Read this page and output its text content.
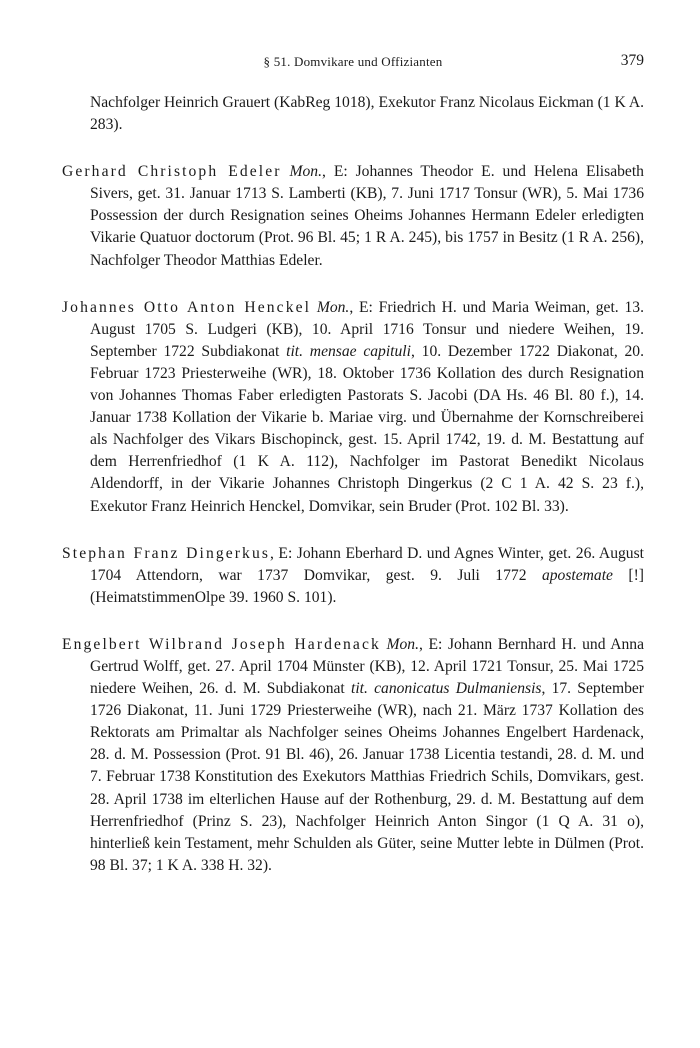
§ 51. Domvikare und Offizianten	379

Nachfolger Heinrich Grauert (KabReg 1018), Exekutor Franz Nicolaus Eickman (1 K A. 283).

Gerhard Christoph Edeler Mon., E: Johannes Theodor E. und Helena Elisabeth Sivers, get. 31. Januar 1713 S. Lamberti (KB), 7. Juni 1717 Tonsur (WR), 5. Mai 1736 Possession der durch Resignation seines Oheims Johannes Hermann Edeler erledigten Vikarie Quatuor doctorum (Prot. 96 Bl. 45; 1 R A. 245), bis 1757 in Besitz (1 R A. 256), Nachfolger Theodor Matthias Edeler.

Johannes Otto Anton Henckel Mon., E: Friedrich H. und Maria Weiman, get. 13. August 1705 S. Ludgeri (KB), 10. April 1716 Tonsur und niedere Weihen, 19. September 1722 Subdiakonat tit. mensae capituli, 10. Dezember 1722 Diakonat, 20. Februar 1723 Priesterweihe (WR), 18. Oktober 1736 Kollation des durch Resignation von Johannes Thomas Faber erledigten Pastorats S. Jacobi (DA Hs. 46 Bl. 80 f.), 14. Januar 1738 Kollation der Vikarie b. Mariae virg. und Übernahme der Kornschreiberei als Nachfolger des Vikars Bischopinck, gest. 15. April 1742, 19. d. M. Bestattung auf dem Herrenfriedhof (1 K A. 112), Nachfolger im Pastorat Benedikt Nicolaus Aldendorff, in der Vikarie Johannes Christoph Dingerkus (2 C 1 A. 42 S. 23 f.), Exekutor Franz Heinrich Henckel, Domvikar, sein Bruder (Prot. 102 Bl. 33).

Stephan Franz Dingerkus, E: Johann Eberhard D. und Agnes Winter, get. 26. August 1704 Attendorn, war 1737 Domvikar, gest. 9. Juli 1772 apostemate [!] (HeimatstimmenOlpe 39. 1960 S. 101).

Engelbert Wilbrand Joseph Hardenack Mon., E: Johann Bernhard H. und Anna Gertrud Wolff, get. 27. April 1704 Münster (KB), 12. April 1721 Tonsur, 25. Mai 1725 niedere Weihen, 26. d. M. Subdiakonat tit. canonicatus Dulmaniensis, 17. September 1726 Diakonat, 11. Juni 1729 Priesterweihe (WR), nach 21. März 1737 Kollation des Rektorats am Primaltar als Nachfolger seines Oheims Johannes Engelbert Hardenack, 28. d. M. Possession (Prot. 91 Bl. 46), 26. Januar 1738 Licentia testandi, 28. d. M. und 7. Februar 1738 Konstitution des Exekutors Matthias Friedrich Schils, Domvikars, gest. 28. April 1738 im elterlichen Hause auf der Rothenburg, 29. d. M. Bestattung auf dem Herrenfriedhof (Prinz S. 23), Nachfolger Heinrich Anton Singor (1 Q A. 31 o), hinterließ kein Testament, mehr Schulden als Güter, seine Mutter lebte in Dülmen (Prot. 98 Bl. 37; 1 K A. 338 H. 32).
